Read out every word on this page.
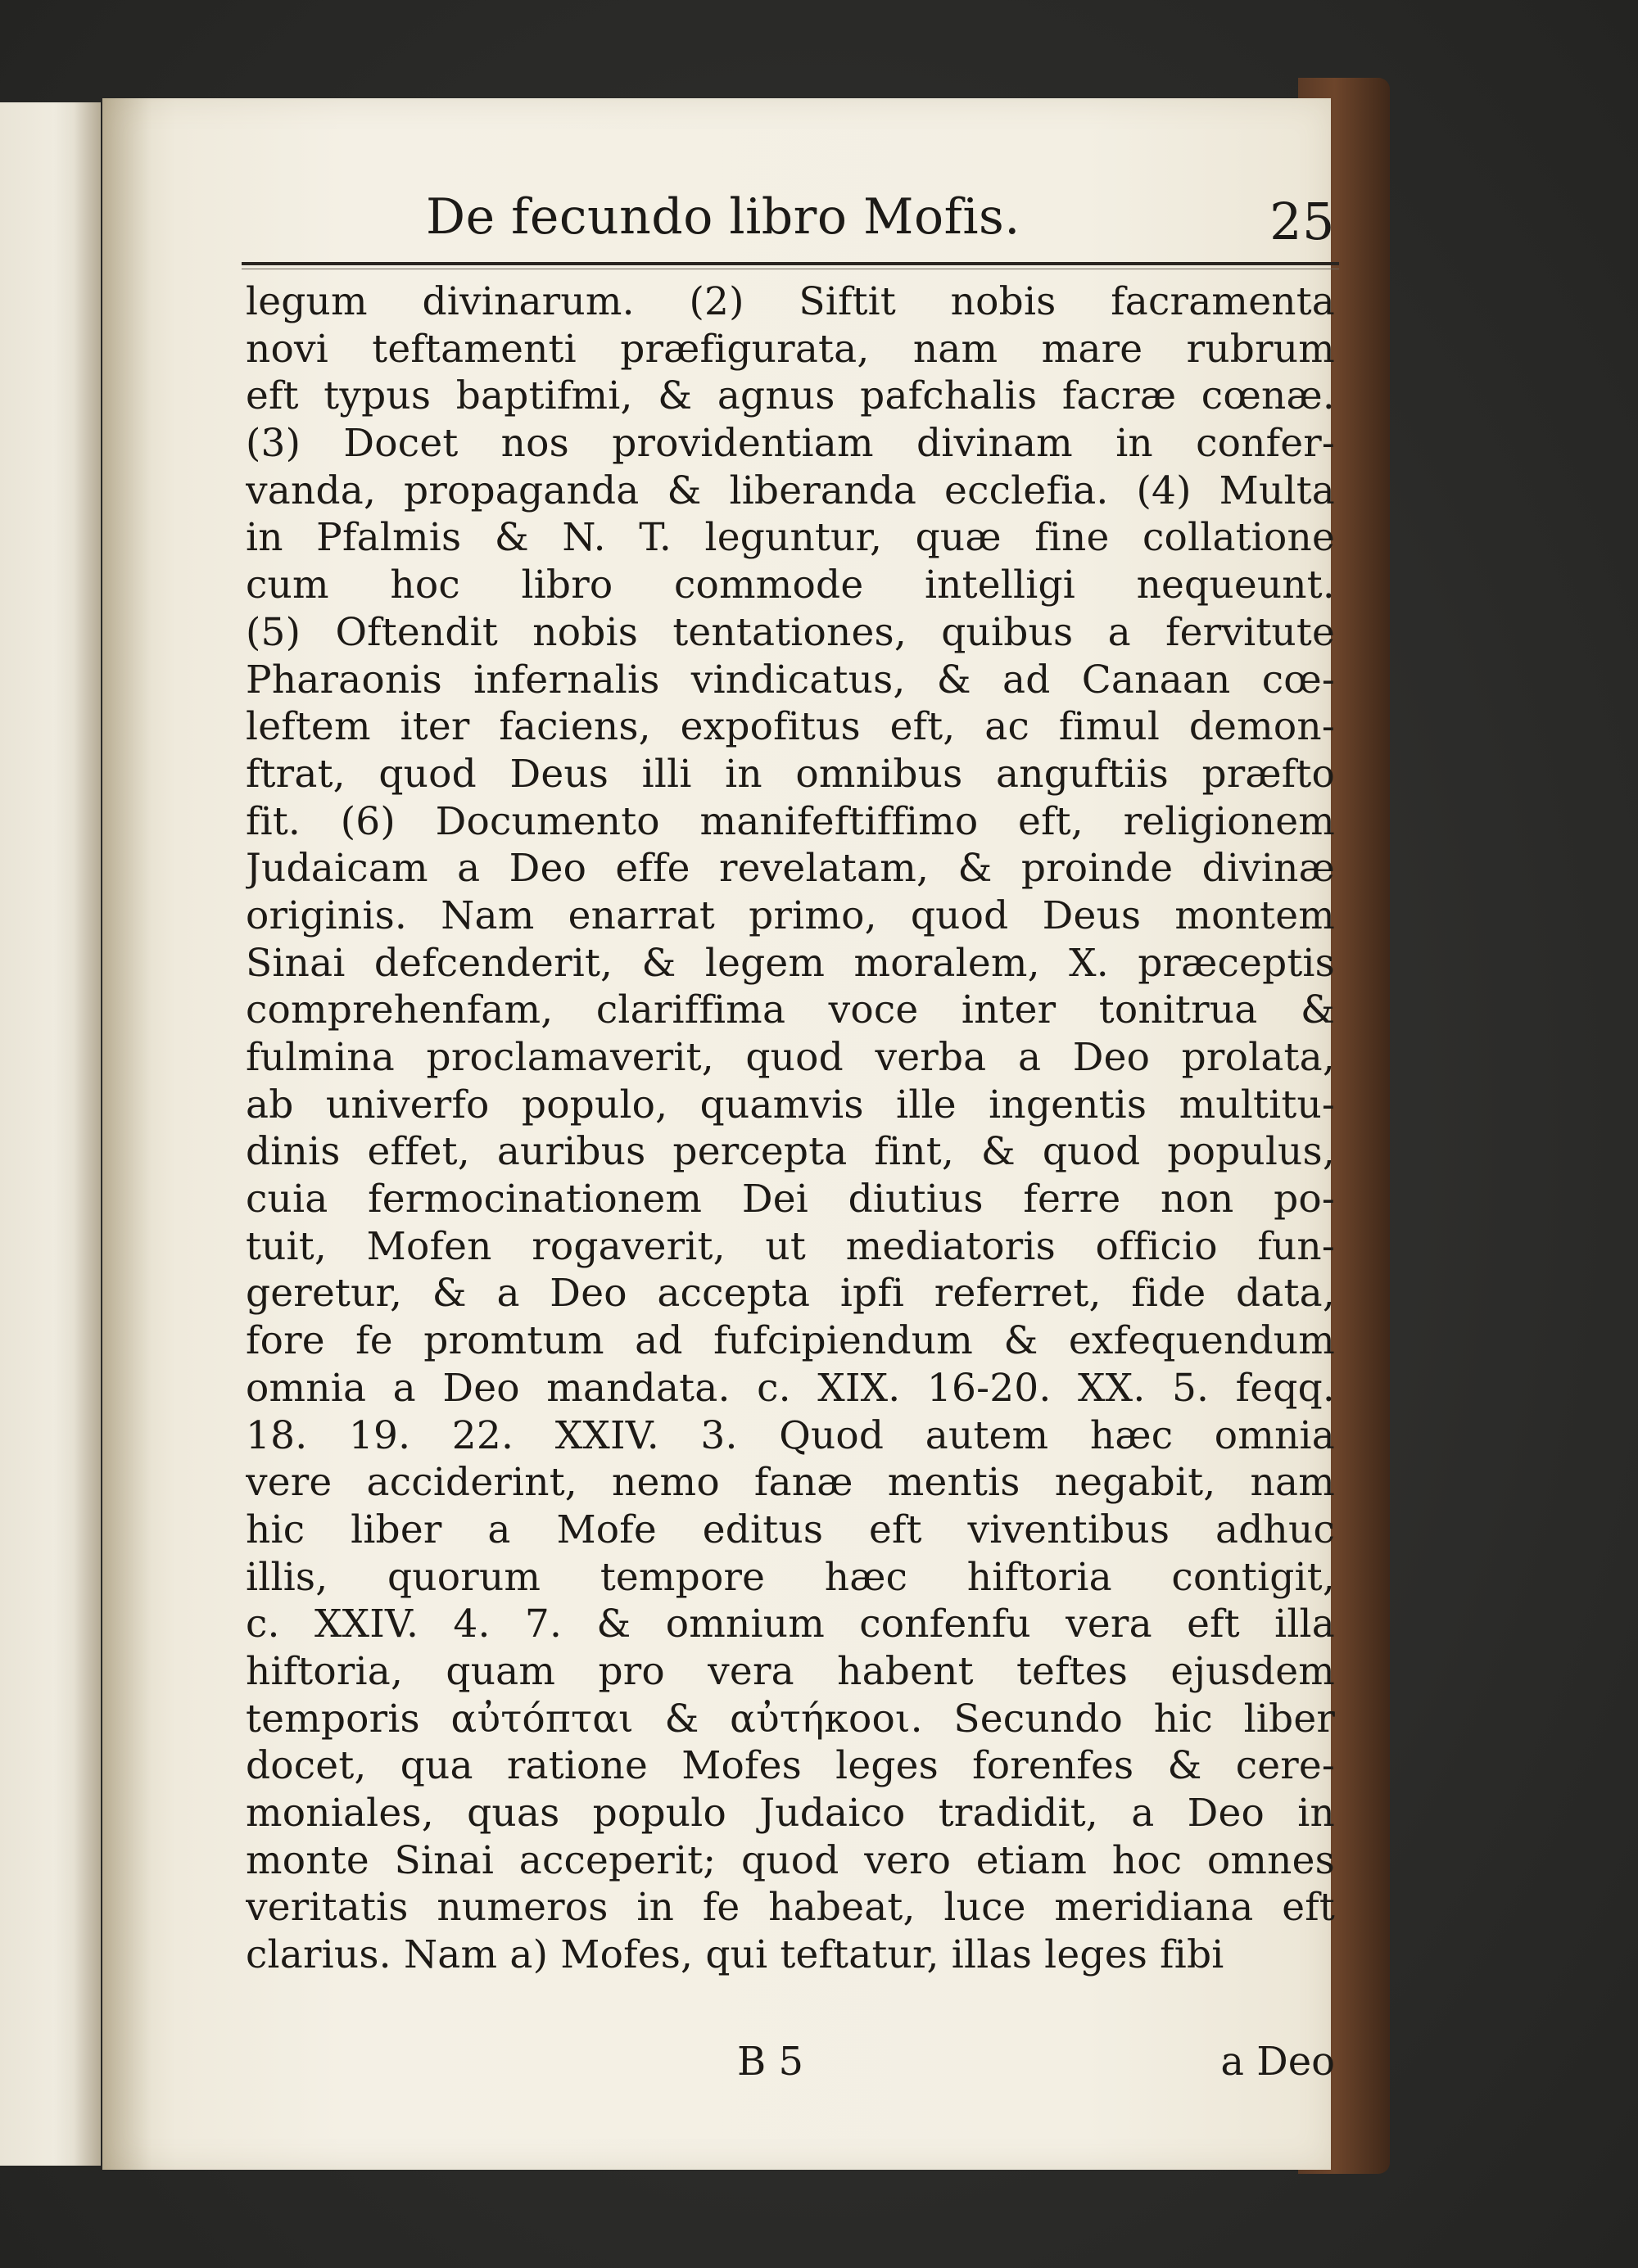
De fecundo libro Mofis.	25
legum divinarum. (2) Siftit nobis facramenta
novi teftamenti præfigurata, nam mare rubrum
eft typus baptifmi, & agnus pafchalis facræ cœnæ.
(3) Docet nos providentiam divinam in confer-
vanda, propaganda & liberanda ecclefia. (4) Multa
in Pfalmis & N. T. leguntur, quæ fine collatione
cum hoc libro commode intelligi nequeunt.
(5) Oftendit nobis tentationes, quibus a fervitute
Pharaonis infernalis vindicatus, & ad Canaan cœ-
leftem iter faciens, expofitus eft, ac fimul demon-
ftrat, quod Deus illi in omnibus anguftiis præfto
fit. (6) Documento manifeftiffimo eft, religionem
Judaicam a Deo effe revelatam, & proinde divinæ
originis. Nam enarrat primo, quod Deus montem
Sinai defcenderit, & legem moralem, X. præceptis
comprehenfam, clariffima voce inter tonitrua &
fulmina proclamaverit, quod verba a Deo prolata,
ab univerfo populo, quamvis ille ingentis multitu-
dinis effet, auribus percepta fint, & quod populus,
cuia fermocinationem Dei diutius ferre non po-
tuit, Mofen rogaverit, ut mediatoris officio fun-
geretur, & a Deo accepta ipfi referret, fide data,
fore fe promtum ad fufcipiendum & exfequendum
omnia a Deo mandata. c. XIX. 16-20. XX. 5. feqq.
18. 19. 22. XXIV. 3. Quod autem hæc omnia
vere acciderint, nemo fanæ mentis negabit, nam
hic liber a Mofe editus eft viventibus adhuc
illis, quorum tempore hæc hiftoria contigit,
c. XXIV. 4. 7. & omnium confenfu vera eft illa
hiftoria, quam pro vera habent teftes ejusdem
temporis αὐτόπται & αὐτήκοοι. Secundo hic liber
docet, qua ratione Mofes leges forenfes & cere-
moniales, quas populo Judaico tradidit, a Deo in
monte Sinai acceperit; quod vero etiam hoc omnes
veritatis numeros in fe habeat, luce meridiana eft
clarius. Nam a) Mofes, qui teftatur, illas leges fibi
B 5	a Deo
